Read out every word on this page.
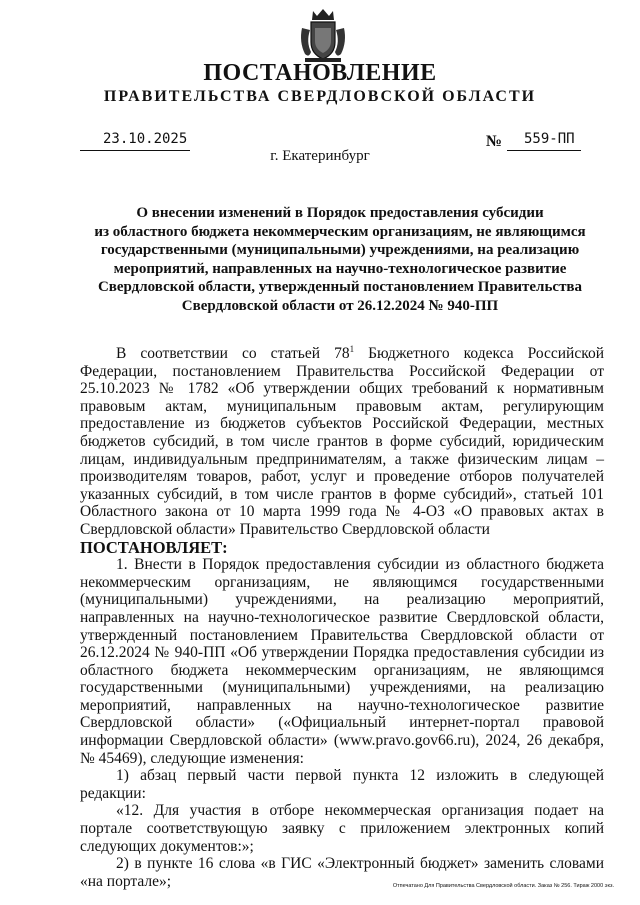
ПОСТАНОВЛЕНИЕ
ПРАВИТЕЛЬСТВА СВЕРДЛОВСКОЙ ОБЛАСТИ
23.10.2025	№ 559-ПП
г. Екатеринбург
О внесении изменений в Порядок предоставления субсидии
из областного бюджета некоммерческим организациям, не являющимся
государственными (муниципальными) учреждениями, на реализацию
мероприятий, направленных на научно-технологическое развитие
Свердловской области, утвержденный постановлением Правительства
Свердловской области от 26.12.2024 № 940-ПП

В соответствии со статьей $78^1$ Бюджетного кодекса Российской Федерации, постановлением Правительства Российской Федерации от 25.10.2023 № 1782 «Об утверждении общих требований к нормативным правовым актам, муниципальным правовым актам, регулирующим предоставление из бюджетов субъектов Российской Федерации, местных бюджетов субсидий, в том числе грантов в форме субсидий, юридическим лицам, индивидуальным предпринимателям, а также физическим лицам – производителям товаров, работ, услуг и проведение отборов получателей указанных субсидий, в том числе грантов в форме субсидий», статьей 101 Областного закона от 10 марта 1999 года № 4-ОЗ «О правовых актах в Свердловской области» Правительство Свердловской области

ПОСТАНОВЛЯЕТ:

1. Внести в Порядок предоставления субсидии из областного бюджета некоммерческим организациям, не являющимся государственными (муниципальными) учреждениями, на реализацию мероприятий, направленных на научно-технологическое развитие Свердловской области, утвержденный постановлением Правительства Свердловской области от 26.12.2024 № 940-ПП «Об утверждении Порядка предоставления субсидии из областного бюджета некоммерческим организациям, не являющимся государственными (муниципальными) учреждениями, на реализацию мероприятий, направленных на научно-технологическое развитие Свердловской области» («Официальный интернет-портал правовой информации Свердловской области» (www.pravo.gov66.ru), 2024, 26 декабря, № 45469), следующие изменения:

1) абзац первый части первой пункта 12 изложить в следующей редакции:

«12. Для участия в отборе некоммерческая организация подает на портале соответствующую заявку с приложением электронных копий следующих документов:»;

2) в пункте 16 слова «в ГИС «Электронный бюджет» заменить словами «на портале»;	Отпечатано Для Правительства Свердловской области. Заказ № 256. Тираж 2000 экз.
